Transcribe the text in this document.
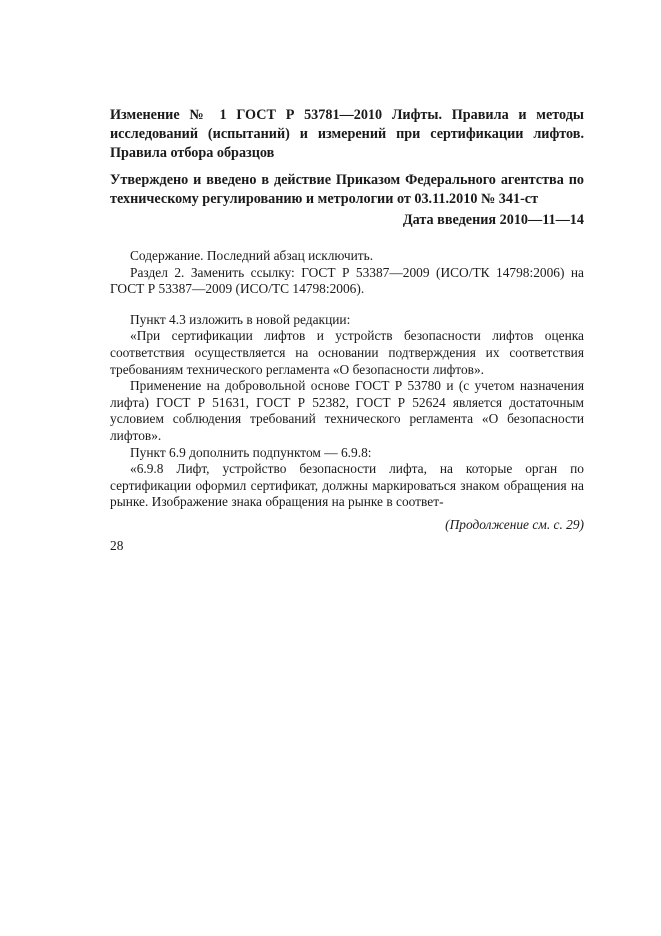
Изменение № 1 ГОСТ Р 53781—2010 Лифты. Правила и методы исследований (испытаний) и измерений при сертификации лифтов. Правила отбора образцов

Утверждено и введено в действие Приказом Федерального агентства по техническому регулированию и метрологии от 03.11.2010 № 341-ст

Дата введения 2010—11—14

Содержание. Последний абзац исключить.

Раздел 2. Заменить ссылку: ГОСТ Р 53387—2009 (ИСО/ТК 14798:2006) на ГОСТ Р 53387—2009 (ИСО/ТС 14798:2006).

Пункт 4.3 изложить в новой редакции:

«При сертификации лифтов и устройств безопасности лифтов оценка соответствия осуществляется на основании подтверждения их соответствия требованиям технического регламента «О безопасности лифтов».

Применение на добровольной основе ГОСТ Р 53780 и (с учетом назначения лифта) ГОСТ Р 51631, ГОСТ Р 52382, ГОСТ Р 52624 является достаточным условием соблюдения требований технического регламента «О безопасности лифтов».

Пункт 6.9 дополнить подпунктом — 6.9.8:

«6.9.8 Лифт, устройство безопасности лифта, на которые орган по сертификации оформил сертификат, должны маркироваться знаком обращения на рынке. Изображение знака обращения на рынке в соответ-

(Продолжение см. с. 29)

28
